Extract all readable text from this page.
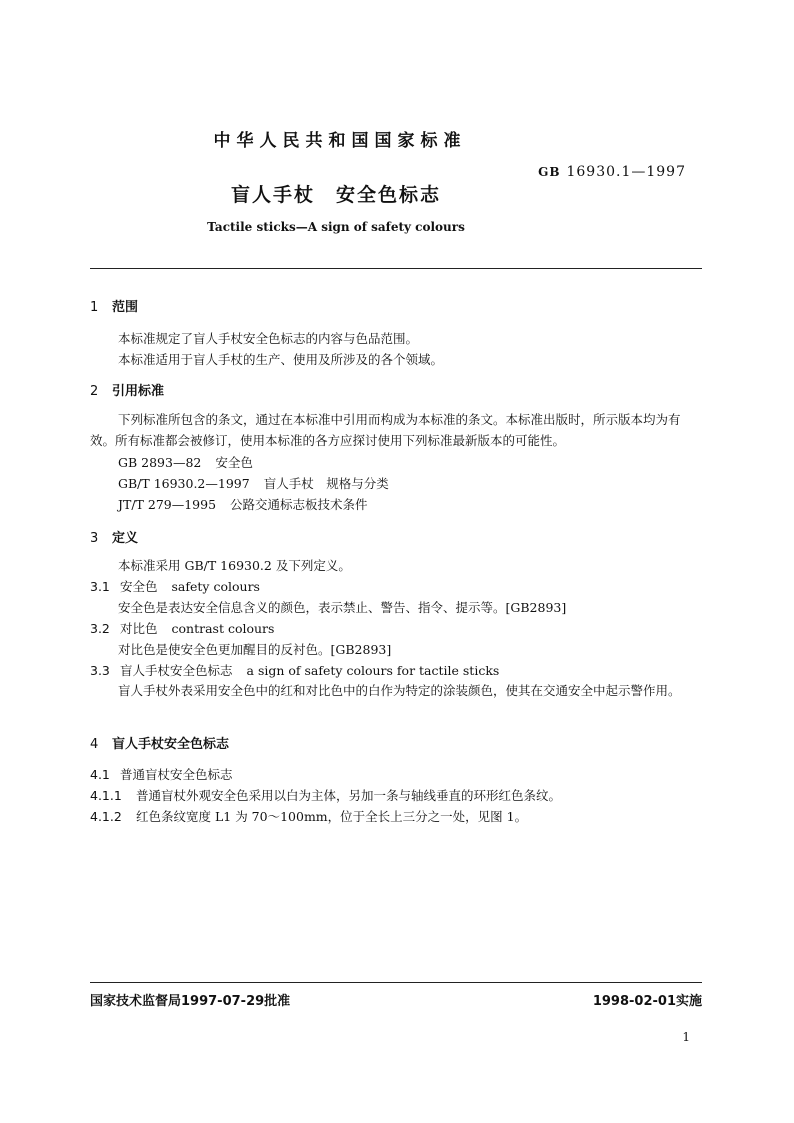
中华人民共和国国家标准
GB 16930.1—1997
盲人手杖　安全色标志
Tactile sticks—A sign of safety colours
1 范围
本标准规定了盲人手杖安全色标志的内容与色品范围。
本标准适用于盲人手杖的生产、使用及所涉及的各个领域。
2 引用标准
下列标准所包含的条文，通过在本标准中引用而构成为本标准的条文。本标准出版时，所示版本均为有效。所有标准都会被修订，使用本标准的各方应探讨使用下列标准最新版本的可能性。
GB 2893—82 安全色
GB/T 16930.2—1997 盲人手杖　规格与分类
JT/T 279—1995 公路交通标志板技术条件
3 定义
本标准采用 GB/T 16930.2 及下列定义。
3.1 安全色 safety colours
安全色是表达安全信息含义的颜色，表示禁止、警告、指令、提示等。[GB2893]
3.2 对比色 contrast colours
对比色是使安全色更加醒目的反衬色。[GB2893]
3.3 盲人手杖安全色标志 a sign of safety colours for tactile sticks
盲人手杖外表采用安全色中的红和对比色中的白作为特定的涂装颜色，使其在交通安全中起示警作用。
4 盲人手杖安全色标志
4.1 普通盲杖安全色标志
4.1.1 普通盲杖外观安全色采用以白为主体，另加一条与轴线垂直的环形红色条纹。
4.1.2 红色条纹宽度 L1 为 70～100mm，位于全长上三分之一处，见图 1。
国家技术监督局1997-07-29批准	1998-02-01实施
1
